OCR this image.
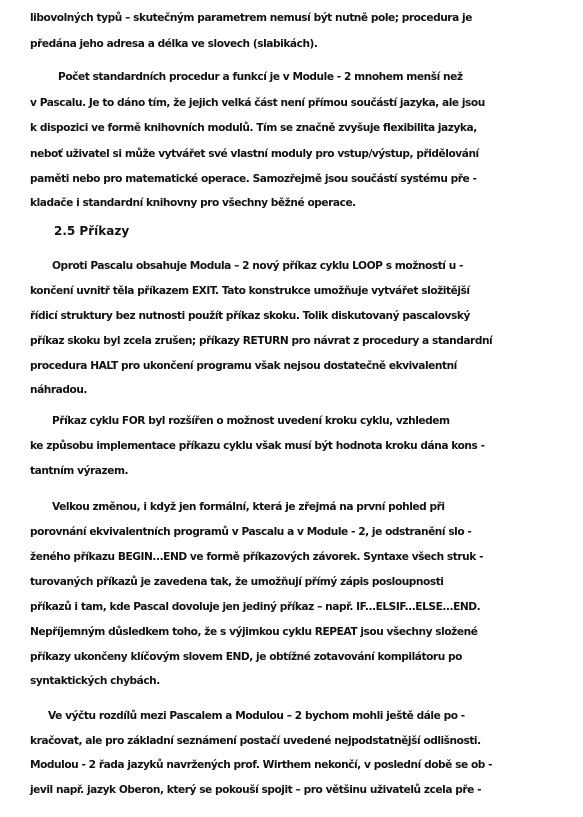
libovolných typů – skutečným parametrem nemusí být nutně pole; procedura je
předána jeho adresa a délka ve slovech (slabikách).
Počet standardních procedur a funkcí je v Module - 2 mnohem menší než
v Pascalu. Je to dáno tím, že jejich velká část není přímou součástí jazyka, ale jsou
k dispozici ve formě knihovních modulů. Tím se značně zvyšuje flexibilita jazyka,
neboť uživatel si může vytvářet své vlastní moduly pro vstup/výstup, přidělování
paměti nebo pro matematické operace. Samozřejmě jsou součástí systému pře -
kladače i standardní knihovny pro všechny běžné operace.
2.5 Příkazy
Oproti Pascalu obsahuje Modula – 2 nový příkaz cyklu LOOP s možností u -
končení uvnitř těla příkazem EXIT. Tato konstrukce umožňuje vytvářet složitější
řídicí struktury bez nutnosti použít příkaz skoku. Tolik diskutovaný pascalovský
příkaz skoku byl zcela zrušen; příkazy RETURN pro návrat z procedury a standardní
procedura HALT pro ukončení programu však nejsou dostatečně ekvivalentní
náhradou.
Příkaz cyklu FOR byl rozšířen o možnost uvedení kroku cyklu, vzhledem
ke způsobu implementace příkazu cyklu však musí být hodnota kroku dána kons -
tantním výrazem.
Velkou změnou, i když jen formální, která je zřejmá na první pohled při
porovnání ekvivalentních programů v Pascalu a v Module - 2, je odstranění slo -
ženého příkazu BEGIN...END ve formě příkazových závorek. Syntaxe všech struk -
turovaných příkazů je zavedena tak, že umožňují přímý zápis posloupnosti
příkazů i tam, kde Pascal dovoluje jen jediný příkaz – např. IF...ELSIF...ELSE...END.
Nepříjemným důsledkem toho, že s výjimkou cyklu REPEAT jsou všechny složené
příkazy ukončeny klíčovým slovem END, je obtížné zotavování kompilátoru po
syntaktických chybách.
Ve výčtu rozdílů mezi Pascalem a Modulou – 2 bychom mohli ještě dále po -
kračovat, ale pro základní seznámení postačí uvedené nejpodstatnější odlišnosti.
Modulou - 2 řada jazyků navržených prof. Wirthem nekončí, v poslední době se ob -
jevil např. jazyk Oberon, který se pokouší spojit – pro většinu uživatelů zcela pře -
